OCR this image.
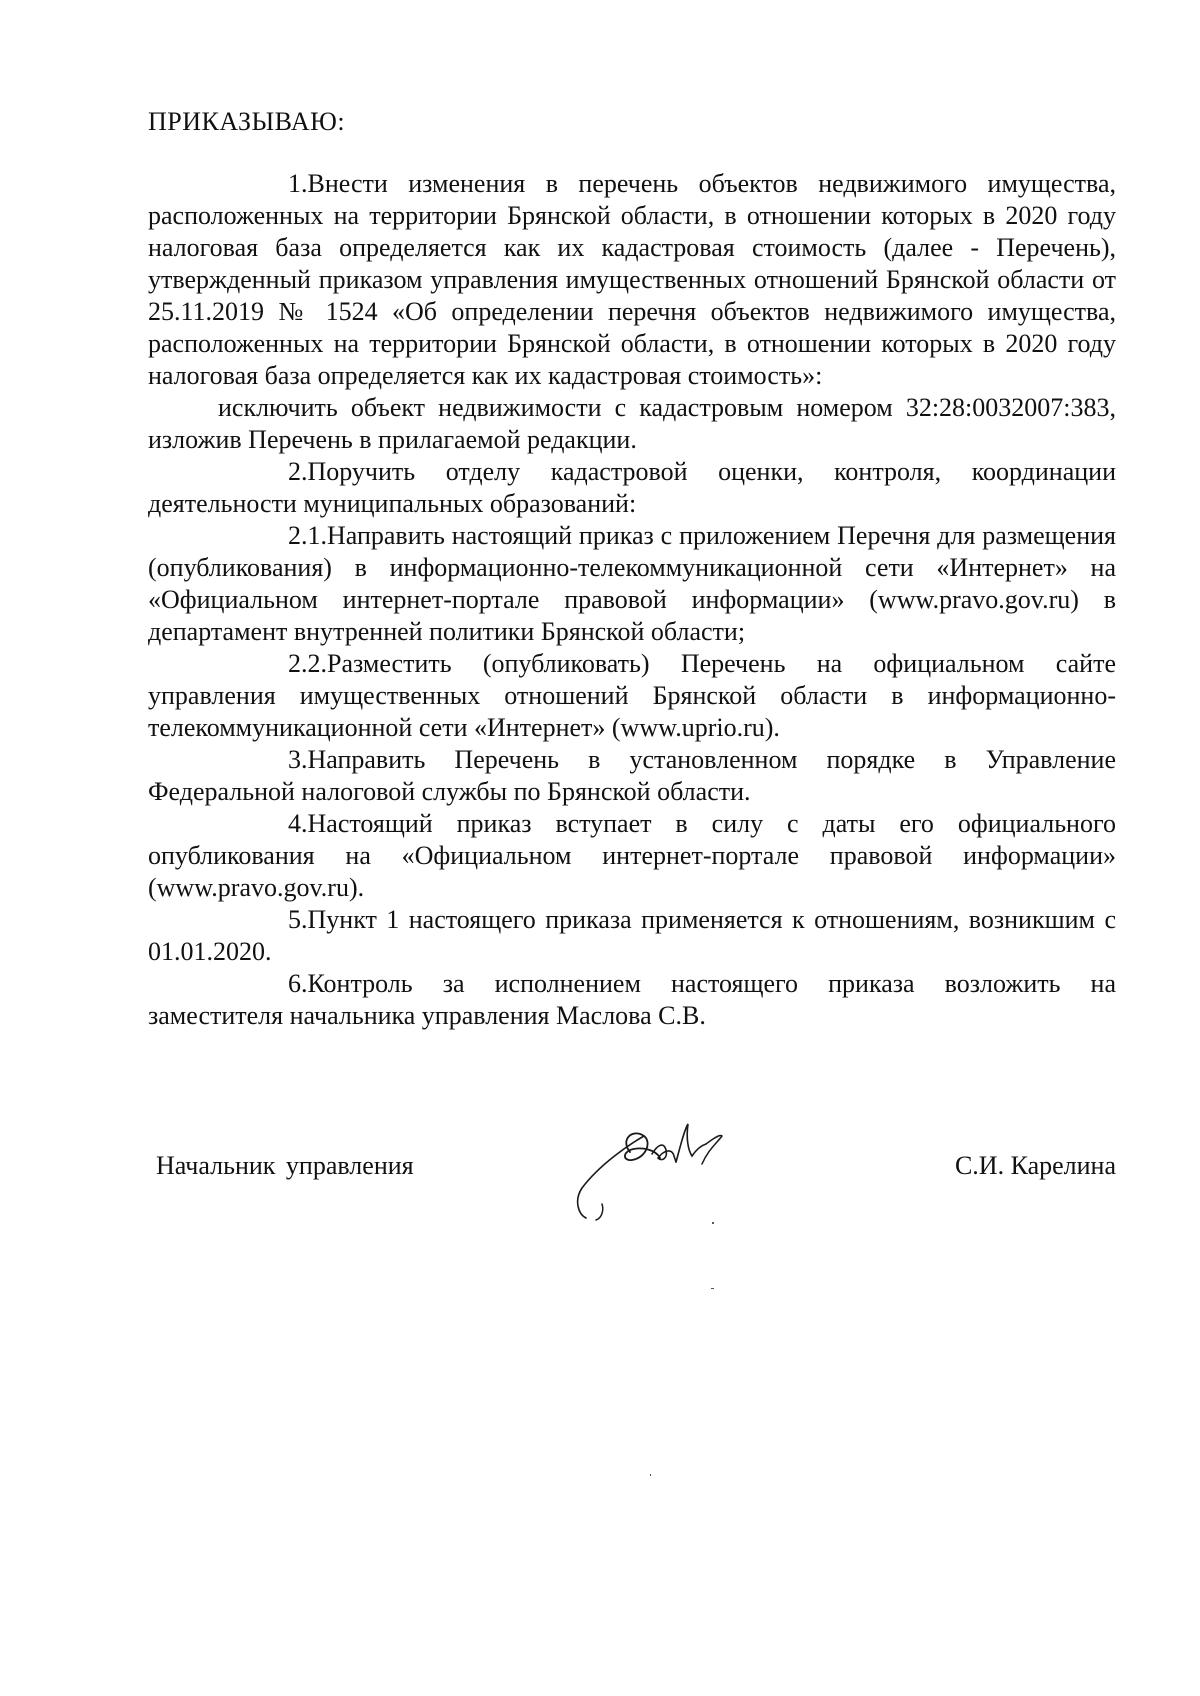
ПРИКАЗЫВАЮ:

1.Внести изменения в перечень объектов недвижимого имущества, расположенных на территории Брянской области, в отношении которых в 2020 году налоговая база определяется как их кадастровая стоимость (далее - Перечень), утвержденный приказом управления имущественных отношений Брянской области от 25.11.2019 № 1524 «Об определении перечня объектов недвижимого имущества, расположенных на территории Брянской области, в отношении которых в 2020 году налоговая база определяется как их кадастровая стоимость»:

исключить объект недвижимости с кадастровым номером 32:28:0032007:383, изложив Перечень в прилагаемой редакции.

2.Поручить отделу кадастровой оценки, контроля, координации деятельности муниципальных образований:

2.1.Направить настоящий приказ с приложением Перечня для размещения (опубликования) в информационно-телекоммуникационной сети «Интернет» на «Официальном интернет-портале правовой информации» (www.pravo.gov.ru) в департамент внутренней политики Брянской области;

2.2.Разместить (опубликовать) Перечень на официальном сайте управления имущественных отношений Брянской области в информационно-телекоммуникационной сети «Интернет» (www.uprio.ru).

3.Направить Перечень в установленном порядке в Управление Федеральной налоговой службы по Брянской области.

4.Настоящий приказ вступает в силу с даты его официального опубликования на «Официальном интернет-портале правовой информации» (www.pravo.gov.ru).

5.Пункт 1 настоящего приказа применяется к отношениям, возникшим с 01.01.2020.

6.Контроль за исполнением настоящего приказа возложить на заместителя начальника управления Маслова С.В.

Начальник управления	С.И. Карелина
